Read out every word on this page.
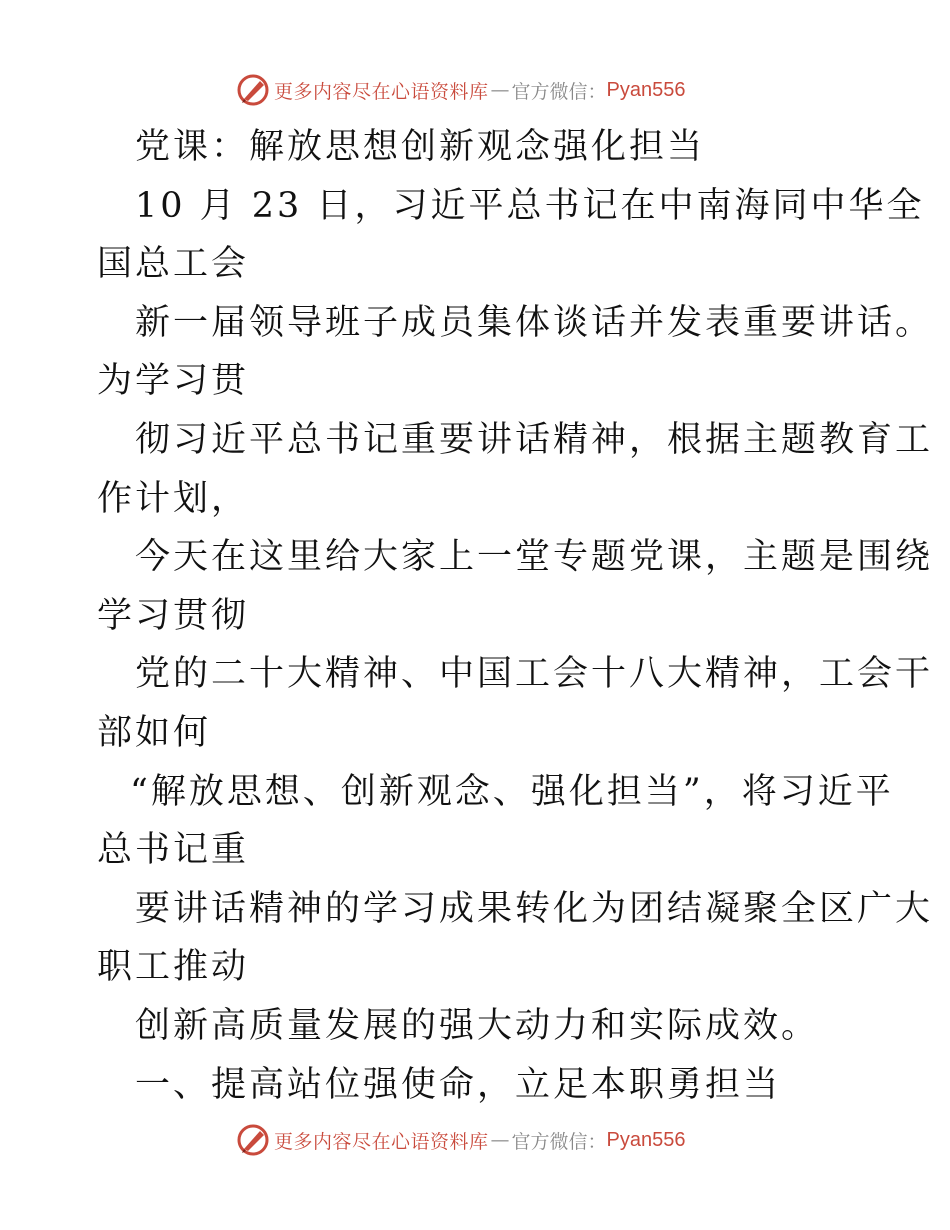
更多内容尽在心语资料库 — 官方微信： Pyan556
党课：解放思想创新观念强化担当
10 月 23 日，习近平总书记在中南海同中华全
国总工会
新一届领导班子成员集体谈话并发表重要讲话。
为学习贯
彻习近平总书记重要讲话精神，根据主题教育工
作计划，
今天在这里给大家上一堂专题党课，主题是围绕
学习贯彻
党的二十大精神、中国工会十八大精神，工会干
部如何
“解放思想、创新观念、强化担当”，将习近平
总书记重
要讲话精神的学习成果转化为团结凝聚全区广大
职工推动
创新高质量发展的强大动力和实际成效。
一、提高站位强使命，立足本职勇担当
更多内容尽在心语资料库 — 官方微信： Pyan556
